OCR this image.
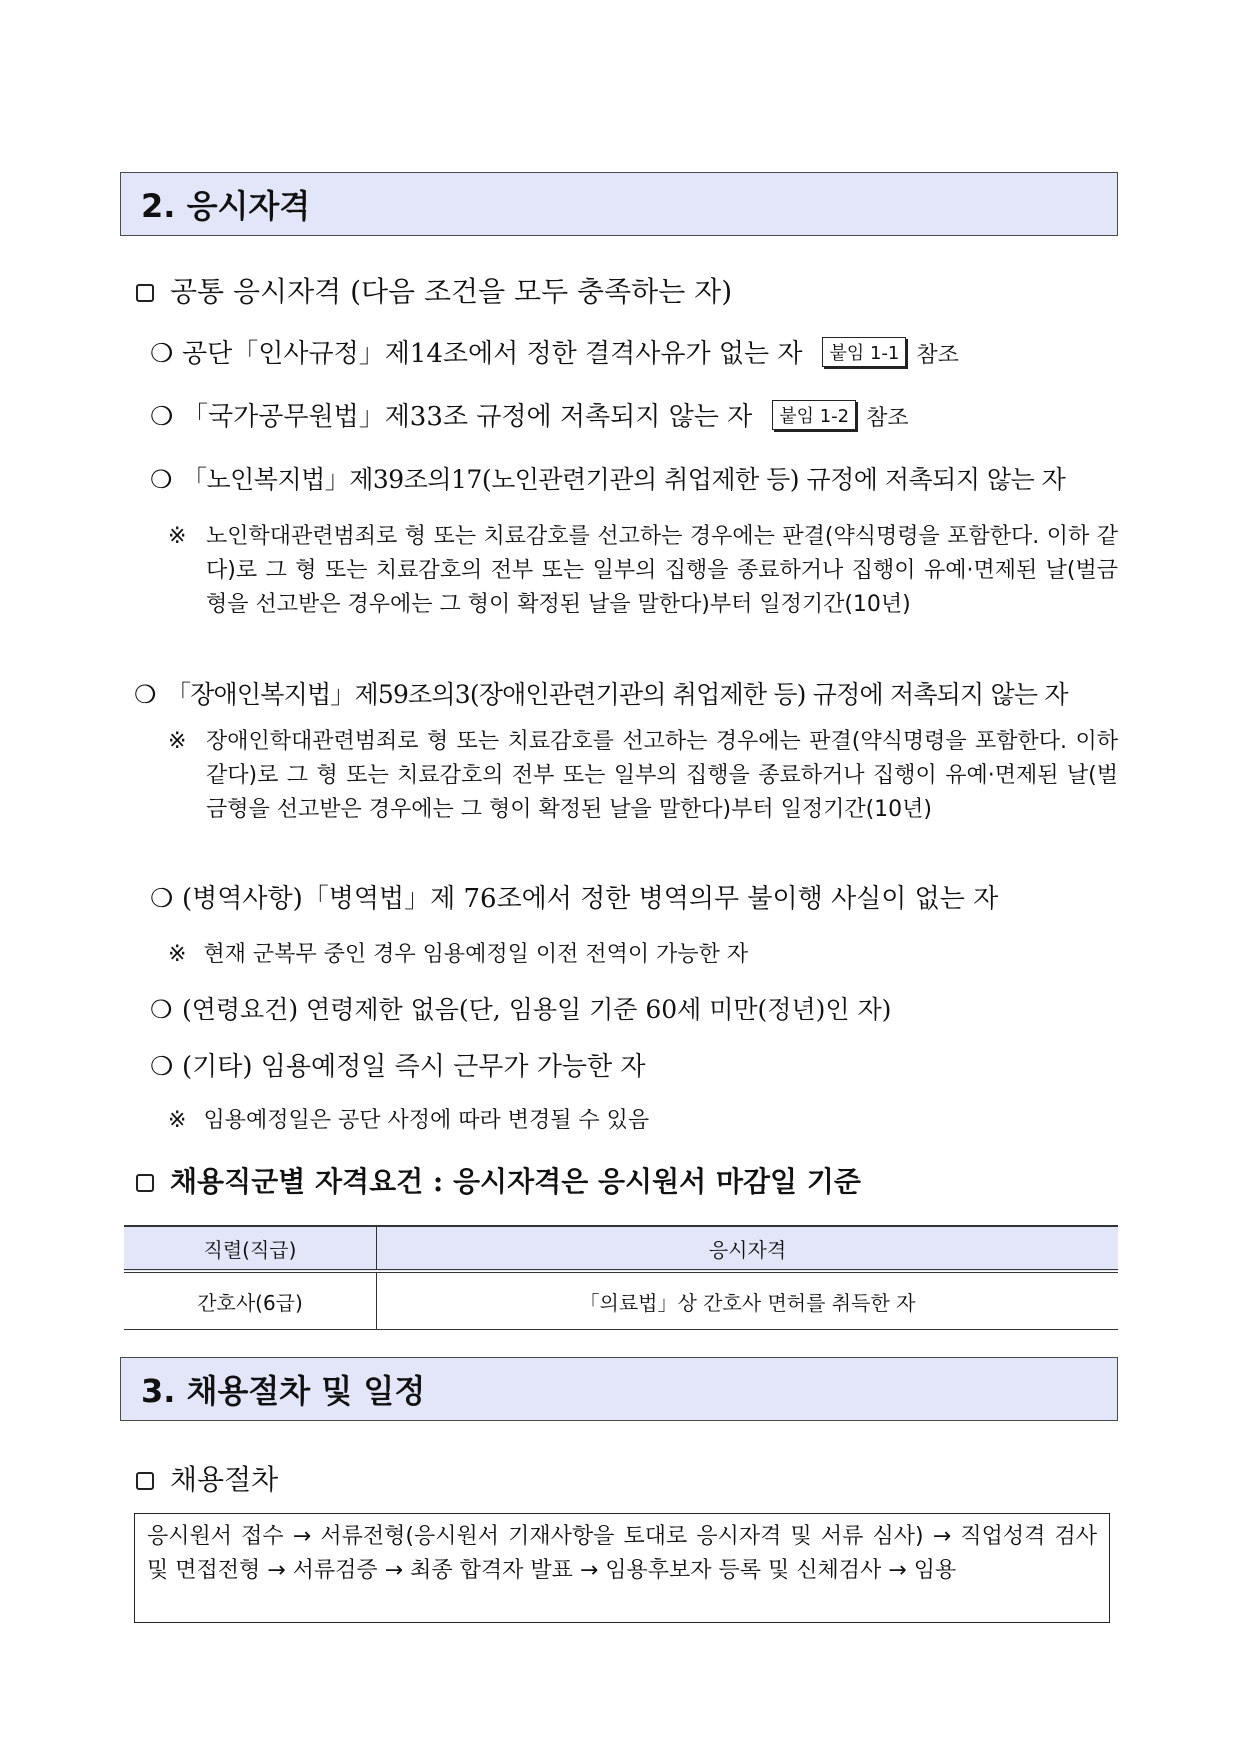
2. 응시자격
공통 응시자격 (다음 조건을 모두 충족하는 자)
❍ 공단「인사규정」제14조에서 정한 결격사유가 없는 자 붙임 1-1 참조
❍ 「국가공무원법」제33조 규정에 저촉되지 않는 자 붙임 1-2 참조
❍ 「노인복지법」제39조의17(노인관련기관의 취업제한 등) 규정에 저촉되지 않는 자
※ 노인학대관련범죄로 형 또는 치료감호를 선고하는 경우에는 판결(약식명령을 포함한다. 이하 같다)로 그 형 또는 치료감호의 전부 또는 일부의 집행을 종료하거나 집행이 유예·면제된 날(벌금형을 선고받은 경우에는 그 형이 확정된 날을 말한다)부터 일정기간(10년)
❍ 「장애인복지법」제59조의3(장애인관련기관의 취업제한 등) 규정에 저촉되지 않는 자
※ 장애인학대관련범죄로 형 또는 치료감호를 선고하는 경우에는 판결(약식명령을 포함한다. 이하 같다)로 그 형 또는 치료감호의 전부 또는 일부의 집행을 종료하거나 집행이 유예·면제된 날(벌금형을 선고받은 경우에는 그 형이 확정된 날을 말한다)부터 일정기간(10년)
❍ (병역사항)「병역법」제 76조에서 정한 병역의무 불이행 사실이 없는 자
※ 현재 군복무 중인 경우 임용예정일 이전 전역이 가능한 자
❍ (연령요건) 연령제한 없음(단, 임용일 기준 60세 미만(정년)인 자)
❍ (기타) 임용예정일 즉시 근무가 가능한 자
※ 임용예정일은 공단 사정에 따라 변경될 수 있음
채용직군별 자격요건 : 응시자격은 응시원서 마감일 기준
직렬(직급)	응시자격
간호사(6급)	「의료법」상 간호사 면허를 취득한 자
3. 채용절차 및 일정
채용절차
응시원서 접수 → 서류전형(응시원서 기재사항을 토대로 응시자격 및 서류 심사) → 직업성격 검사 및 면접전형 → 서류검증 → 최종 합격자 발표 → 임용후보자 등록 및 신체검사 → 임용
